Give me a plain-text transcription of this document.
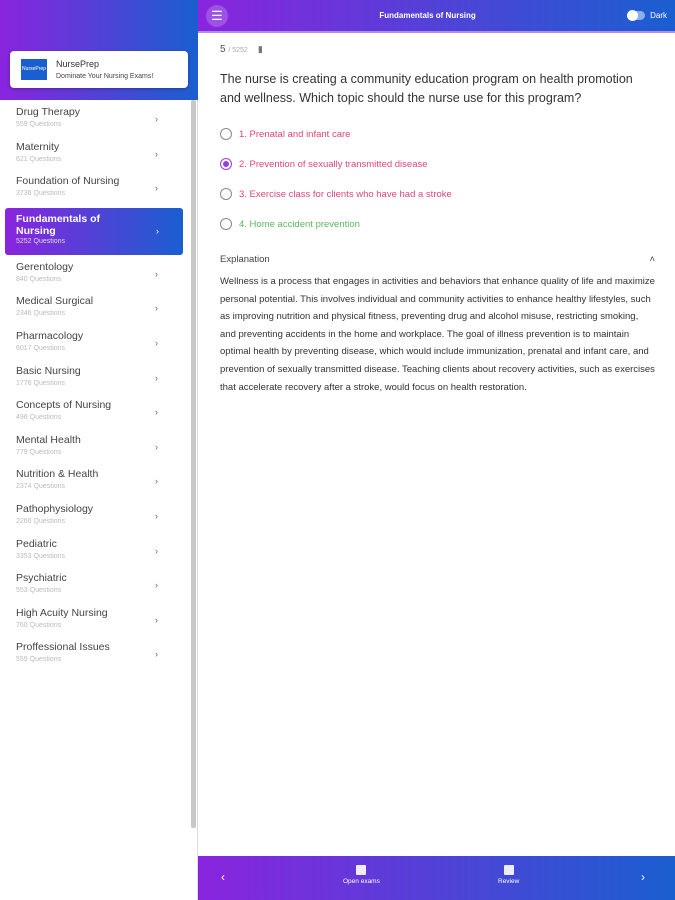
Drug Therapy
559 Questions
›
Maternity
621 Questions
›
Foundation of Nursing
3736 Questions
›
Fundamentals of Nursing
5252 Questions
›
Gerentology
840 Questions
›
Medical Surgical
2346 Questions
›
Pharmacology
6017 Questions
›
Basic Nursing
1776 Questions
›
Concepts of Nursing
496 Questions
›
Mental Health
779 Questions
›
Nutrition & Health
2374 Questions
›
Pathophysiology
2266 Questions
›
Pediatric
3353 Questions
›
Psychiatric
553 Questions
›
High Acuity Nursing
760 Questions
›
Proffessional Issues
559 Questions
›
NursePrep NursePrep
Dominate Your Nursing Exams!
☰	Fundamentals of Nursing	Dark
5 / 5252 ▮
The nurse is creating a community education program on health promotion and wellness. Which topic should the nurse use for this program?
1. Prenatal and infant care
2. Prevention of sexually transmitted disease
3. Exercise class for clients who have had a stroke
4. Home accident prevention
Explanation	˄
Wellness is a process that engages in activities and behaviors that enhance quality of life and maximize personal potential. This involves individual and community activities to enhance healthy lifestyles, such as improving nutrition and physical fitness, preventing drug and alcohol misuse, restricting smoking, and preventing accidents in the home and workplace. The goal of illness prevention is to maintain optimal health by preventing disease, which would include immunization, prenatal and infant care, and prevention of sexually transmitted disease. Teaching clients about recovery activities, such as exercises that accelerate recovery after a stroke, would focus on health restoration.
‹	Open exams	Review	›
